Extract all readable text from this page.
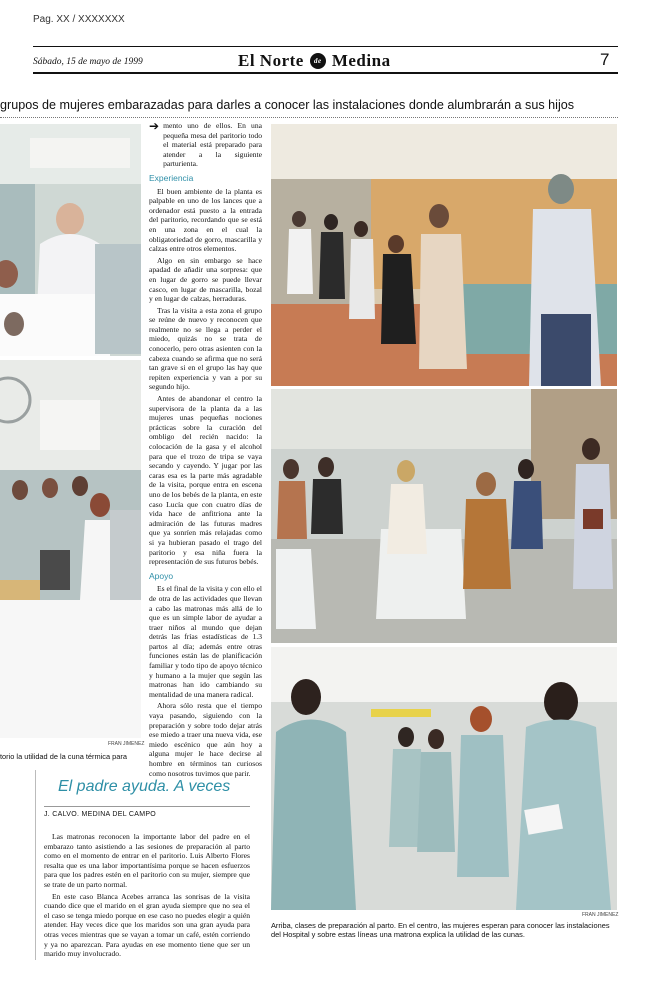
Pag. XX / XXXXXXX
Sábado, 15 de mayo de 1999	El Norte	de Medina	7
grupos de mujeres embarazadas para darles a conocer las instalaciones donde alumbrarán a sus hijos
FRAN JIMENEZ
torio la utilidad de la cuna térmica para
➔ mento uno de ellos. En una pequeña mesa del paritorio todo el material está preparado para atender a la siguiente parturienta.
Experiencia

El buen ambiente de la planta es palpable en uno de los lances que a ordenador está puesto a la entrada del paritorio, recordando que se está en una zona en el cual la obligatoriedad de gorro, mascarilla y calzas entre otros elementos.

Algo en sin embargo se hace apadad de añadir una sorpresa: que en lugar de gorro se puede llevar casco, en lugar de mascarilla, bozal y en lugar de calzas, herraduras.

Tras la visita a esta zona el grupo se reúne de nuevo y reconocen que realmente no se llega a perder el miedo, quizás no se trata de conocerlo, pero otras asienten con la cabeza cuando se afirma que no será tan grave si en el grupo las hay que repiten experiencia y van a por su segundo hijo.

Antes de abandonar el centro la supervisora de la planta da a las mujeres unas pequeñas nociones prácticas sobre la curación del ombligo del recién nacido: la colocación de la gasa y el alcohol para que el trozo de tripa se vaya secando y cayendo. Y jugar por las caras esa es la parte más agradable de la visita, porque entra en escena uno de los bebés de la planta, en este caso Lucía que con cuatro días de vida hace de anfitriona ante la admiración de las futuras madres que ya sonríen más relajadas como si ya hubieran pasado el trago del paritorio y esa niña fuera la representación de sus futuros bebés.

Apoyo

Es el final de la visita y con ello el de otra de las actividades que llevan a cabo las matronas más allá de lo que es un simple labor de ayudar a traer niños al mundo que dejan detrás las frías estadísticas de 1.3 partos al día; además entre otras funciones están las de planificación familiar y todo tipo de apoyo técnico y humano a la mujer que según las matronas han ido cambiando su mentalidad de una manera radical.

Ahora sólo resta que el tiempo vaya pasando, siguiendo con la preparación y sobre todo dejar atrás ese miedo a traer una nueva vida, ese miedo escénico que aún hoy a alguna mujer le hace decirse al hombre en términos tan curiosos como nosotros tuvimos que parir.

FRAN JIMENEZ
Arriba, clases de preparación al parto. En el centro, las mujeres esperan para conocer las instalaciones del Hospital y sobre estas líneas una matrona explica la utilidad de las cunas.
El padre ayuda. A veces
J. CALVO. MEDINA DEL CAMPO

Las matronas reconocen la importante labor del padre en el embarazo tanto asistiendo a las sesiones de preparación al parto como en el momento de entrar en el paritorio. Luis Alberto Flores resalta que es una labor importantísima porque se hacen esfuerzos para que los padres estén en el paritorio con su mujer, siempre que se trate de un parto normal.

En este caso Blanca Acebes arranca las sonrisas de la visita cuando dice que el marido en el gran ayuda siempre que no sea el el caso se tenga miedo porque en ese caso no puedes elegir a quién atender. Hay veces dice que los maridos son una gran ayuda para otras veces mientras que se vayan a tomar un café, estén corriendo y ya no aparezcan. Para ayudas en ese momento tiene que ser un marido muy involucrado.
